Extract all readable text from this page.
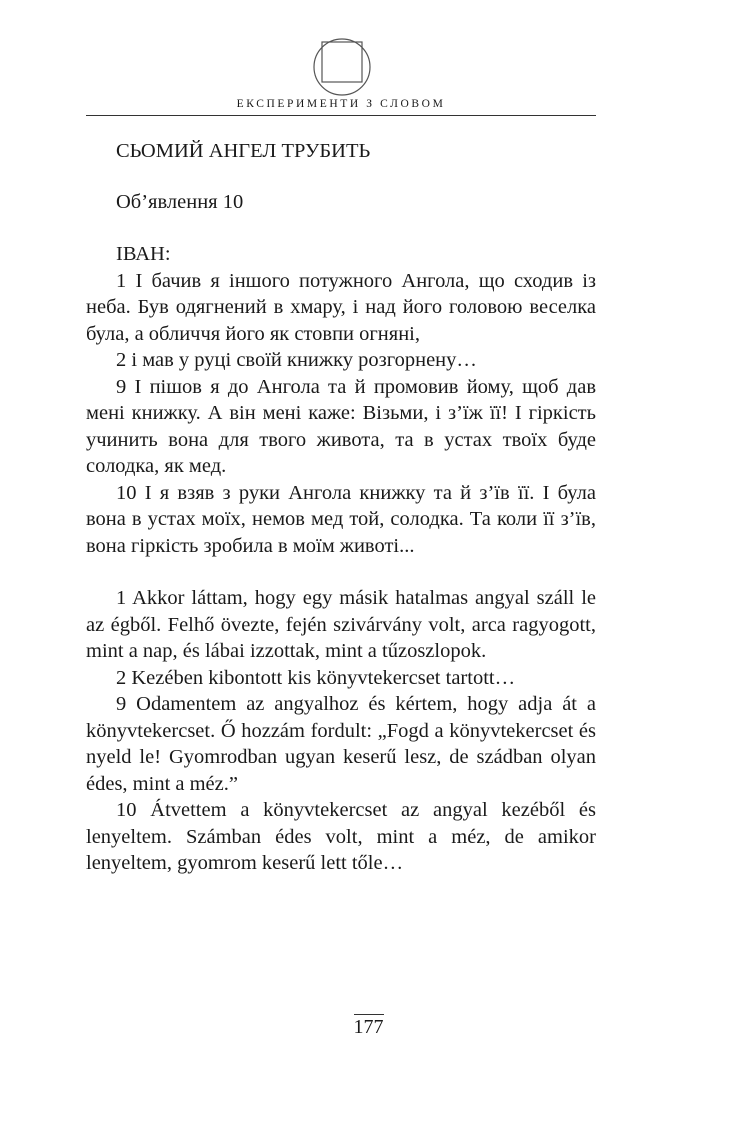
ЕКСПЕРИМЕНТИ З СЛОВОМ

СЬОМИЙ АНГЕЛ ТРУБИТЬ

Об’явлення 10

ІВАН:

1 І бачив я іншого потужного Ангола, що сходив із неба. Був одягнений в хмару, і над його головою веселка була, а обличчя його як стовпи огняні,

2 і мав у руці своїй книжку розгорнену…

9 І пішов я до Ангола та й промовив йому, щоб дав мені книжку. А він мені каже: Візьми, і з’їж її! І гіркість учинить вона для твого живота, та в устах твоїх буде солодка, як мед.

10 І я взяв з руки Ангола книжку та й з’їв її. І була вона в устах моїх, немов мед той, солодка. Та коли її з’їв, вона гіркість зробила в моїм животі...

1 Akkor láttam, hogy egy másik hatalmas angyal száll le az égből. Felhő övezte, fején szivárvány volt, arca ragyogott, mint a nap, és lábai izzottak, mint a tűzoszlopok.

2 Kezében kibontott kis könyvtekercset tartott…

9 Odamentem az angyalhoz és kértem, hogy adja át a könyvtekercset. Ő hozzám fordult: „Fogd a könyvtekercset és nyeld le! Gyomrodban ugyan keserű lesz, de szádban olyan édes, mint a méz.”

10 Átvettem a könyvtekercset az angyal kezéből és lenyeltem. Számban édes volt, mint a méz, de amikor lenyeltem, gyomrom keserű lett tőle…

177
